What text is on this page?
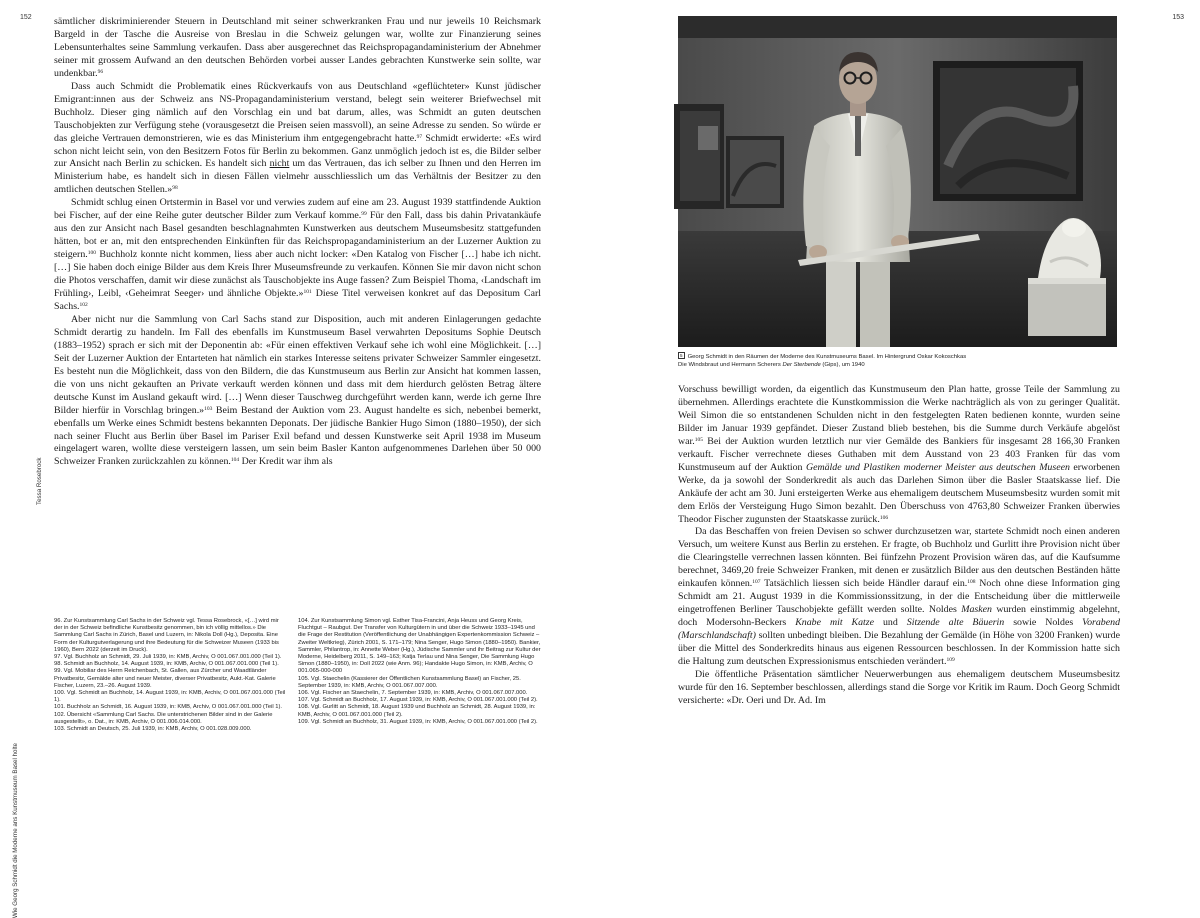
152
Wie Georg Schmidt die Moderne ans Kunstmuseum Basel holte
Tessa Rosebrock

sämtlicher diskriminierender Steuern in Deutschland mit seiner schwerkranken Frau und nur jeweils 10 Reichsmark Bargeld in der Tasche die Ausreise von Breslau in die Schweiz gelungen war, wollte zur Finanzierung seines Lebensunterhaltes seine Sammlung verkaufen. Dass aber ausgerechnet das Reichspropagandaministerium der Abnehmer seiner mit grossem Aufwand an den deutschen Behörden vorbei ausser Landes gebrachten Kunstwerke sein sollte, war undenkbar.$^{96}$

Dass auch Schmidt die Problematik eines Rückverkaufs von aus Deutschland «geflüchteter» Kunst jüdischer Emigrant:innen aus der Schweiz ans NS-Propagandaministerium verstand, belegt sein weiterer Briefwechsel mit Buchholz. Dieser ging nämlich auf den Vorschlag ein und bat darum, alles, was Schmidt an guten deutschen Tauschobjekten zur Verfügung stehe (vorausgesetzt die Preisen seien massvoll), an seine Adresse zu senden. So würde er das gleiche Vertrauen demonstrieren, wie es das Ministerium ihm entgegengebracht hatte.$^{97}$ Schmidt erwiderte: «Es wird schon nicht leicht sein, von den Besitzern Fotos für Berlin zu bekommen. Ganz unmöglich jedoch ist es, die Bilder selber zur Ansicht nach Berlin zu schicken. Es handelt sich nicht um das Vertrauen, das ich selber zu Ihnen und den Herren im Ministerium habe, es handelt sich in diesen Fällen vielmehr ausschliesslich um das Verhältnis der Besitzer zu den amtlichen deutschen Stellen.»$^{98}$

Schmidt schlug einen Ortstermin in Basel vor und verwies zudem auf eine am 23. August 1939 stattfindende Auktion bei Fischer, auf der eine Reihe guter deutscher Bilder zum Verkauf komme.$^{99}$ Für den Fall, dass bis dahin Privatankäufe aus den zur Ansicht nach Basel gesandten beschlagnahmten Kunstwerken aus deutschem Museumsbesitz stattgefunden hätten, bot er an, mit den entsprechenden Einkünften für das Reichspropagandaministerium an der Luzerner Auktion zu steigern.$^{100}$ Buchholz konnte nicht kommen, liess aber auch nicht locker: «Den Katalog von Fischer […] habe ich nicht. […] Sie haben doch einige Bilder aus dem Kreis Ihrer Museumsfreunde zu verkaufen. Können Sie mir davon nicht schon die Photos verschaffen, damit wir diese zunächst als Tauschobjekte ins Auge fassen? Zum Beispiel Thoma, ‹Landschaft im Frühling›, Leibl, ‹Geheimrat Seeger› und ähnliche Objekte.»$^{101}$ Diese Titel verweisen konkret auf das Depositum Carl Sachs.$^{102}$

Aber nicht nur die Sammlung von Carl Sachs stand zur Disposition, auch mit anderen Einlagerungen gedachte Schmidt derartig zu handeln. Im Fall des ebenfalls im Kunstmuseum Basel verwahrten Depositums Sophie Deutsch (1883–1952) sprach er sich mit der Deponentin ab: «Für einen effektiven Verkauf sehe ich wohl eine Möglichkeit. […] Seit der Luzerner Auktion der Entarteten hat nämlich ein starkes Interesse seitens privater Schweizer Sammler eingesetzt. Es besteht nun die Möglichkeit, dass von den Bildern, die das Kunstmuseum aus Berlin zur Ansicht hat kommen lassen, die von uns nicht gekauften an Private verkauft werden können und dass mit dem hierdurch gelösten Betrag ältere deutsche Kunst im Ausland gekauft wird. […] Wenn dieser Tauschweg durchgeführt werden kann, werde ich gerne Ihre Bilder hierfür in Vorschlag bringen.»$^{103}$ Beim Bestand der Auktion vom 23. August handelte es sich, nebenbei bemerkt, ebenfalls um Werke eines Schmidt bestens bekannten Deponats. Der jüdische Bankier Hugo Simon (1880–1950), der sich nach seiner Flucht aus Berlin über Basel im Pariser Exil befand und dessen Kunstwerke seit April 1938 im Museum eingelagert waren, wollte diese versteigern lassen, um sein beim Basler Kanton aufgenommenes Darlehen über 50 000 Schweizer Franken zurückzahlen zu können.$^{104}$ Der Kredit war ihm als

96. Zur Kunstsammlung Carl Sachs in der Schweiz vgl. Tessa Rosebrock, «[…] wird mir der in der Schweiz befindliche Kunstbesitz genommen, bin ich völlig mittellos.» Die Sammlung Carl Sachs in Zürich, Basel und Luzern, in: Nikola Doll (Hg.), Deposita. Eine Form der Kulturgutverlagerung und ihre Bedeutung für die Schweizer Museen (1933 bis 1960), Bern 2022 (derzeit im Druck).
97. Vgl. Buchholz an Schmidt, 29. Juli 1939, in: KMB, Archiv, O 001.067.001.000 (Teil 1).
98. Schmidt an Buchholz, 14. August 1939, in: KMB, Archiv, O 001.067.001.000 (Teil 1).
99. Vgl. Mobiliar des Herrn Reichenbach, St. Gallen, aus Zürcher und Waadtländer Privatbesitz, Gemälde alter und neuer Meister, diverser Privatbesitz, Aukt.-Kat. Galerie Fischer, Luzern, 23.–26. August 1939.
100. Vgl. Schmidt an Buchholz, 14. August 1939, in: KMB, Archiv, O 001.067.001.000 (Teil 1).
101. Buchholz an Schmidt, 16. August 1939, in: KMB, Archiv, O 001.067.001.000 (Teil 1).
102. Übersicht «Sammlung Carl Sachs. Die unterstrichenen Bilder sind in der Galerie ausgestellt», o. Dat., in: KMB, Archiv, O 001.006.014.000.
103. Schmidt an Deutsch, 25. Juli 1939, in: KMB, Archiv, O 001.028.009.000.
104. Zur Kunstsammlung Simon vgl. Esther Tisa-Francini, Anja Heuss und Georg Kreis, Fluchtgut – Raubgut. Der Transfer von Kulturgütern in und über die Schweiz 1933–1945 und die Frage der Restitution (Veröffentlichung der Unabhängigen Expertenkommission Schweiz – Zweiter Weltkrieg), Zürich 2001, S. 171–179; Nina Senger, Hugo Simon (1880–1950). Bankier, Sammler, Philantrop, in: Annette Weber (Hg.), Jüdische Sammler und ihr Beitrag zur Kultur der Moderne, Heidelberg 2011, S. 149–163; Katja Terlau und Nina Senger, Die Sammlung Hugo Simon (1880–1950), in: Doll 2022 (wie Anm. 96); Handakte Hugo Simon, in: KMB, Archiv, O 001.065-000-000
105. Vgl. Staechelin (Kassierer der Öffentlichen Kunstsammlung Basel) an Fischer, 25. September 1939, in: KMB, Archiv, O 001.067.007.000.
106. Vgl. Fischer an Staechelin, 7. September 1939, in: KMB, Archiv, O 001.067.007.000.
107. Vgl. Schmidt an Buchholz, 17. August 1939, in: KMB, Archiv, O 001.067.001.000 (Teil 2).
108. Vgl. Gurlitt an Schmidt, 18. August 1939 und Buchholz an Schmidt, 28. August 1939, in: KMB, Archiv, O 001.067.001.000 (Teil 2).
109. Vgl. Schmidt an Buchholz, 31. August 1939, in: KMB, Archiv, O 001.067.001.000 (Teil 2).
153
5 Georg Schmidt in den Räumen der Moderne des Kunstmuseums Basel. Im Hintergrund Oskar Kokoschkas
Die Windsbraut und Hermann Scherers Der Sterbende (Gips), um 1940

Vorschuss bewilligt worden, da eigentlich das Kunstmuseum den Plan hatte, grosse Teile der Sammlung zu übernehmen. Allerdings erachtete die Kunstkommission die Werke nachträglich als von zu geringer Qualität. Weil Simon die so entstandenen Schulden nicht in den festgelegten Raten bedienen konnte, wurden seine Bilder im Januar 1939 gepfändet. Dieser Zustand blieb bestehen, bis die Summe durch Verkäufe abgelöst war.$^{105}$ Bei der Auktion wurden letztlich nur vier Gemälde des Bankiers für insgesamt 28 166,30 Franken verkauft. Fischer verrechnete dieses Guthaben mit dem Ausstand von 23 403 Franken für das vom Kunstmuseum auf der Auktion Gemälde und Plastiken moderner Meister aus deutschen Museen erworbenen Werke, da ja sowohl der Sonderkredit als auch das Darlehen Simon über die Basler Staatskasse lief. Die Ankäufe der acht am 30. Juni ersteigerten Werke aus ehemaligem deutschem Museumsbesitz wurden somit mit dem Erlös der Versteigung Hugo Simon bezahlt. Den Überschuss von 4763,80 Schweizer Franken überwies Theodor Fischer zugunsten der Staatskasse zurück.$^{106}$

Da das Beschaffen von freien Devisen so schwer durchzusetzen war, startete Schmidt noch einen anderen Versuch, um weitere Kunst aus Berlin zu erstehen. Er fragte, ob Buchholz und Gurlitt ihre Provision nicht über die Clearingstelle verrechnen lassen könnten. Bei fünfzehn Prozent Provision wären das, auf die Kaufsumme berechnet, 3469,20 freie Schweizer Franken, mit denen er zusätzlich Bilder aus den deutschen Beständen hätte einkaufen können.$^{107}$ Tatsächlich liessen sich beide Händler darauf ein.$^{108}$ Noch ohne diese Information ging Schmidt am 21. August 1939 in die Kommissionssitzung, in der die Entscheidung über die mittlerweile eingetroffenen Berliner Tauschobjekte gefällt werden sollte. Noldes Masken wurden einstimmig abgelehnt, doch Modersohn-Beckers Knabe mit Katze und Sitzende alte Bäuerin sowie Noldes Vorabend (Marschlandschaft) sollten unbedingt bleiben. Die Bezahlung der Gemälde (in Höhe von 3200 Franken) wurde über die Mittel des Sonderkredits hinaus aus eigenen Ressourcen beschlossen. In der Kommission hatte sich die Haltung zum deutschen Expressionismus entschieden verändert.$^{109}$

Die öffentliche Präsentation sämtlicher Neuerwerbungen aus ehemaligem deutschem Museumsbesitz wurde für den 16. September beschlossen, allerdings stand die Sorge vor Kritik im Raum. Doch Georg Schmidt versicherte: «Dr. Oeri und Dr. Ad. Im
